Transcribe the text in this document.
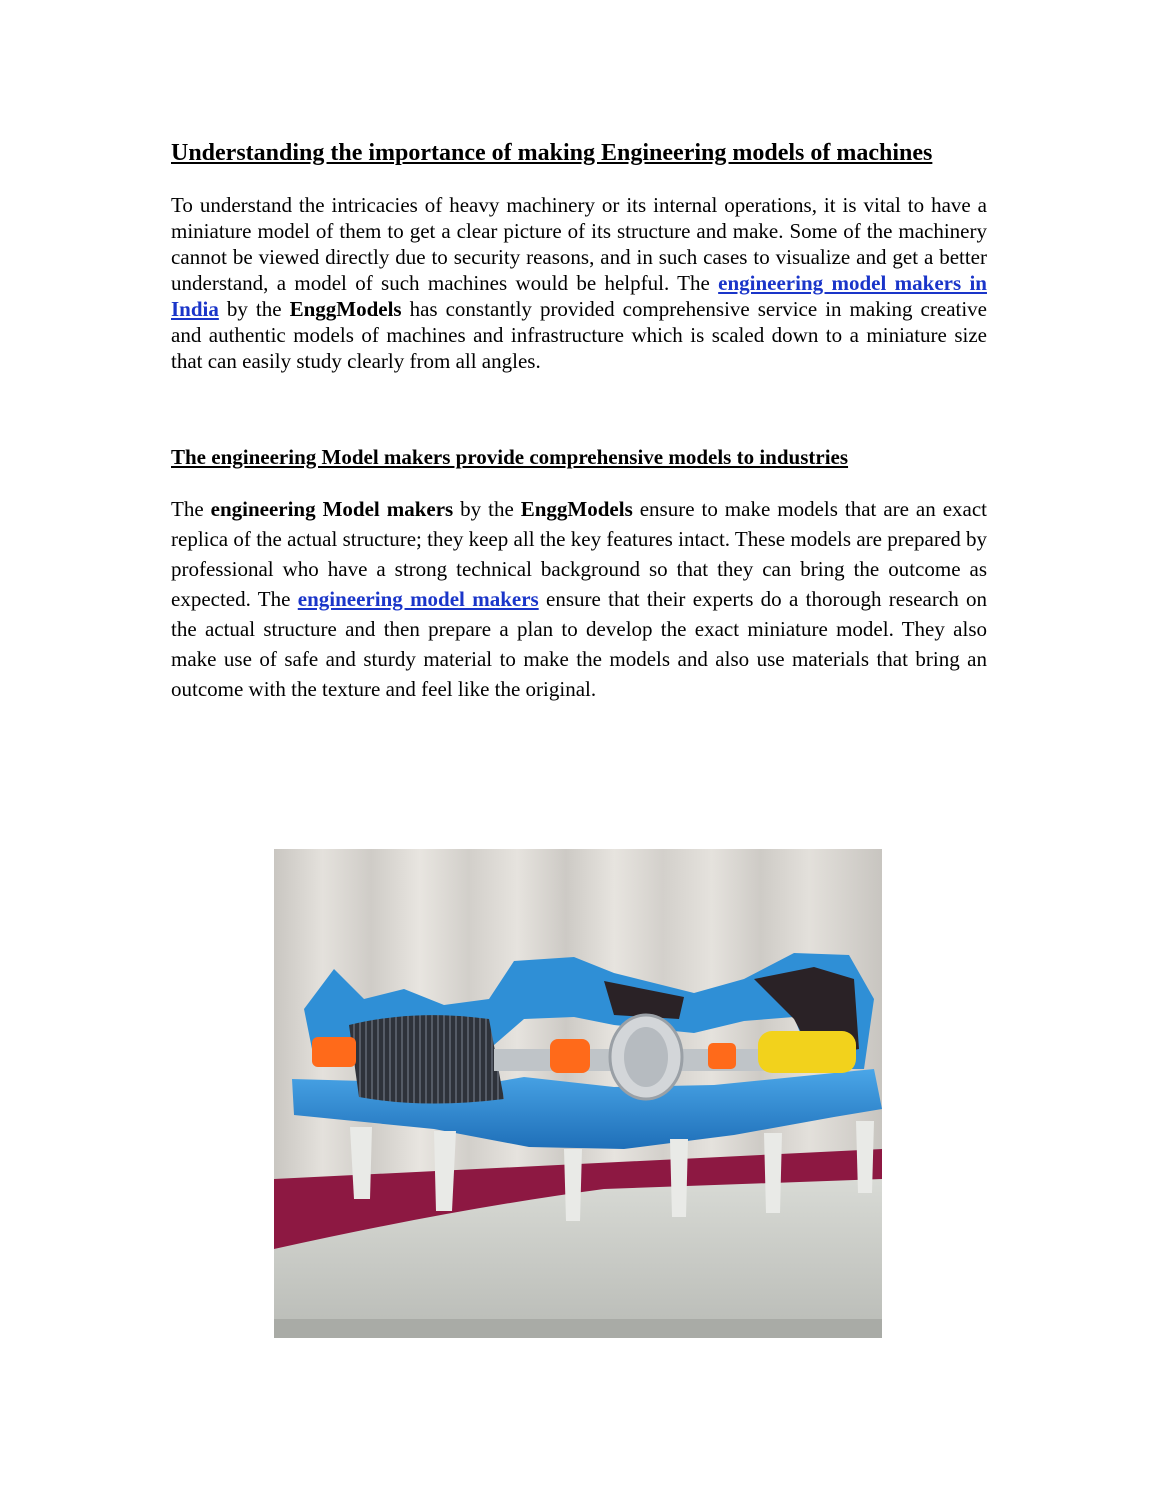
Understanding the importance of making Engineering models of machines

To understand the intricacies of heavy machinery or its internal operations, it is vital to have a miniature model of them to get a clear picture of its structure and make. Some of the machinery cannot be viewed directly due to security reasons, and in such cases to visualize and get a better understand, a model of such machines would be helpful. The engineering model makers in India by the EnggModels has constantly provided comprehensive service in making creative and authentic models of machines and infrastructure which is scaled down to a miniature size that can easily study clearly from all angles.

The engineering Model makers provide comprehensive models to industries

The engineering Model makers by the EnggModels ensure to make models that are an exact replica of the actual structure; they keep all the key features intact. These models are prepared by professional who have a strong technical background so that they can bring the outcome as expected. The engineering model makers ensure that their experts do a thorough research on the actual structure and then prepare a plan to develop the exact miniature model. They also make use of safe and sturdy material to make the models and also use materials that bring an outcome with the texture and feel like the original.
